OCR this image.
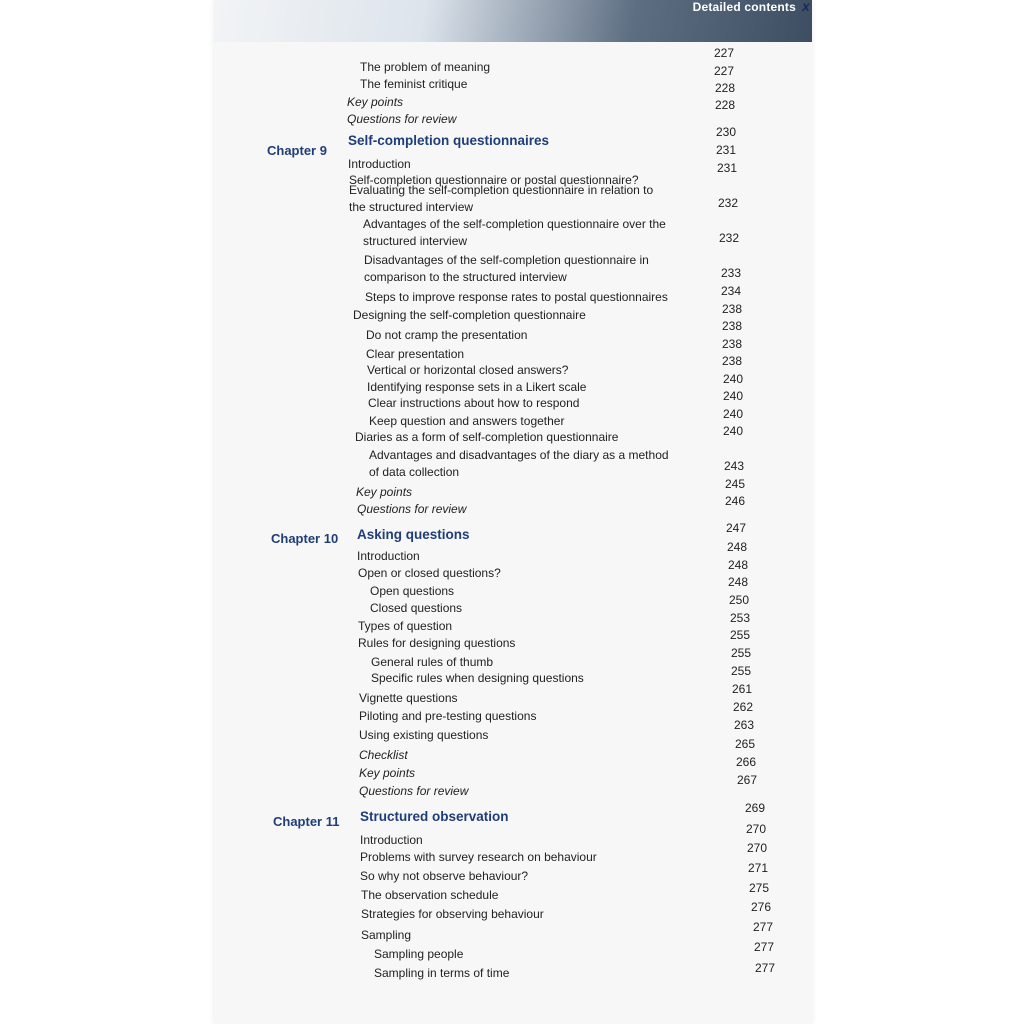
Detailed contents x
Chapter 9
Chapter 10
Chapter 11
Self-completion questionnaires
Asking questions
Structured observation
The problem of meaning
The feminist critique
Key points
Questions for review
Introduction
Self-completion questionnaire or postal questionnaire?
Evaluating the self-completion questionnaire in relation to the structured interview
Advantages of the self-completion questionnaire over the structured interview
Disadvantages of the self-completion questionnaire in comparison to the structured interview
Steps to improve response rates to postal questionnaires
Designing the self-completion questionnaire
Do not cramp the presentation
Clear presentation
Vertical or horizontal closed answers?
Identifying response sets in a Likert scale
Clear instructions about how to respond
Keep question and answers together
Diaries as a form of self-completion questionnaire
Advantages and disadvantages of the diary as a method of data collection
Key points
Questions for review
Introduction
Open or closed questions?
Open questions
Closed questions
Types of question
Rules for designing questions
General rules of thumb
Specific rules when designing questions
Vignette questions
Piloting and pre-testing questions
Using existing questions
Checklist
Key points
Questions for review
Introduction
Problems with survey research on behaviour
So why not observe behaviour?
The observation schedule
Strategies for observing behaviour
Sampling
Sampling people
Sampling in terms of time
227
227
228
228
230
231
231
232
232
233
234
238
238
238
238
240
240
240
240
243
245
246
247
248
248
248
250
253
255
255
255
261
262
263
265
266
267
269
270
270
271
275
276
277
277
277
